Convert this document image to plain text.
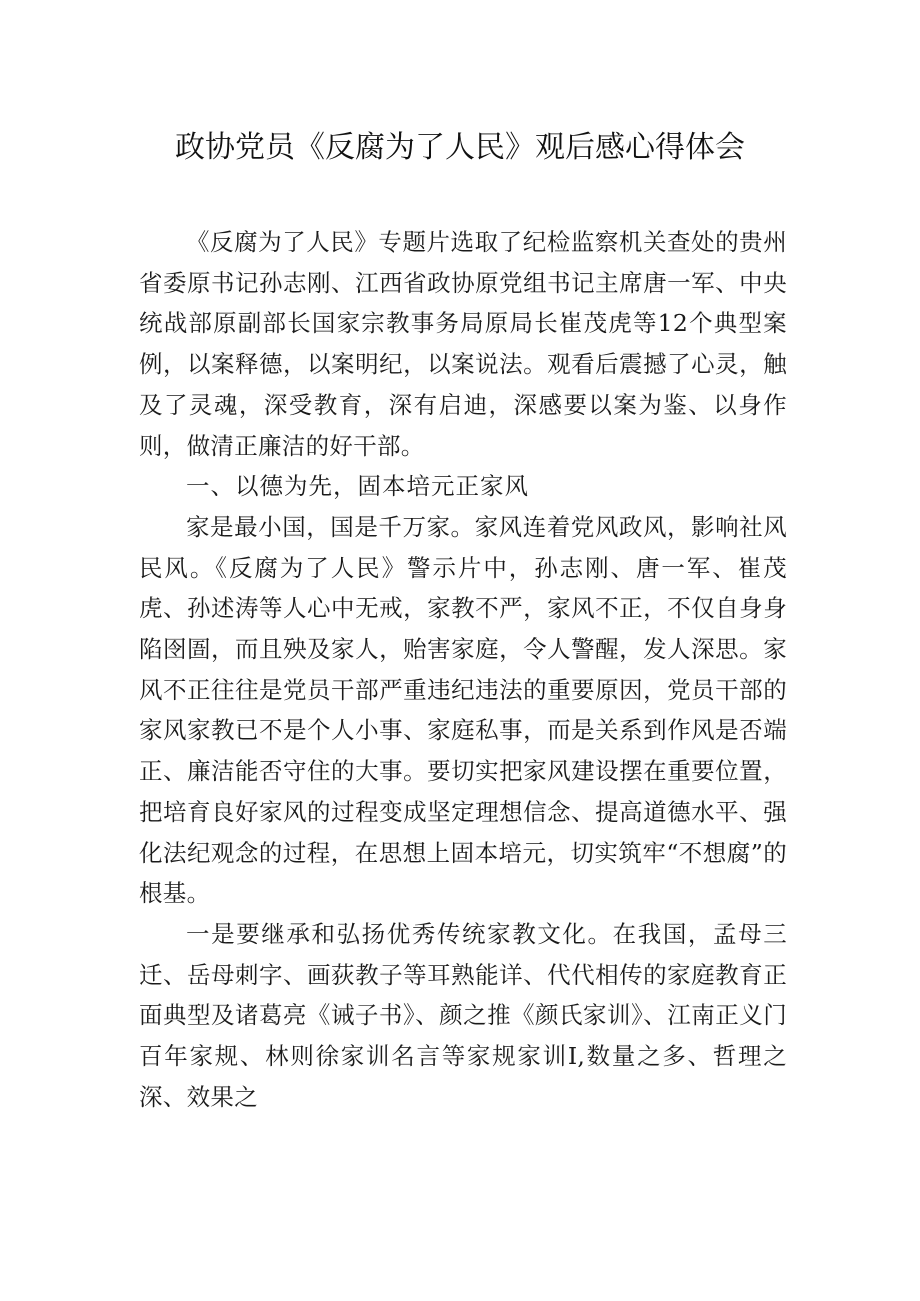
政协党员《反腐为了人民》观后感心得体会

《反腐为了人民》专题片选取了纪检监察机关查处的贵州省委原书记孙志刚、江西省政协原党组书记主席唐一军、中央统战部原副部长国家宗教事务局原局长崔茂虎等12个典型案例，以案释德，以案明纪，以案说法。观看后震撼了心灵，触及了灵魂，深受教育，深有启迪，深感要以案为鉴、以身作则，做清正廉洁的好干部。

一、以德为先，固本培元正家风

家是最小国，国是千万家。家风连着党风政风，影响社风民风。《反腐为了人民》警示片中，孙志刚、唐一军、崔茂虎、孙述涛等人心中无戒，家教不严，家风不正，不仅自身身陷囹圄，而且殃及家人，贻害家庭，令人警醒，发人深思。家风不正往往是党员干部严重违纪违法的重要原因，党员干部的家风家教已不是个人小事、家庭私事，而是关系到作风是否端正、廉洁能否守住的大事。要切实把家风建设摆在重要位置，把培育良好家风的过程变成坚定理想信念、提高道德水平、强化法纪观念的过程，在思想上固本培元，切实筑牢“不想腐”的根基。

一是要继承和弘扬优秀传统家教文化。在我国，孟母三迁、岳母刺字、画荻教子等耳熟能详、代代相传的家庭教育正面典型及诸葛亮《诫子书》、颜之推《颜氏家训》、江南正义门百年家规、林则徐家训名言等家规家训I,数量之多、哲理之深、效果之
